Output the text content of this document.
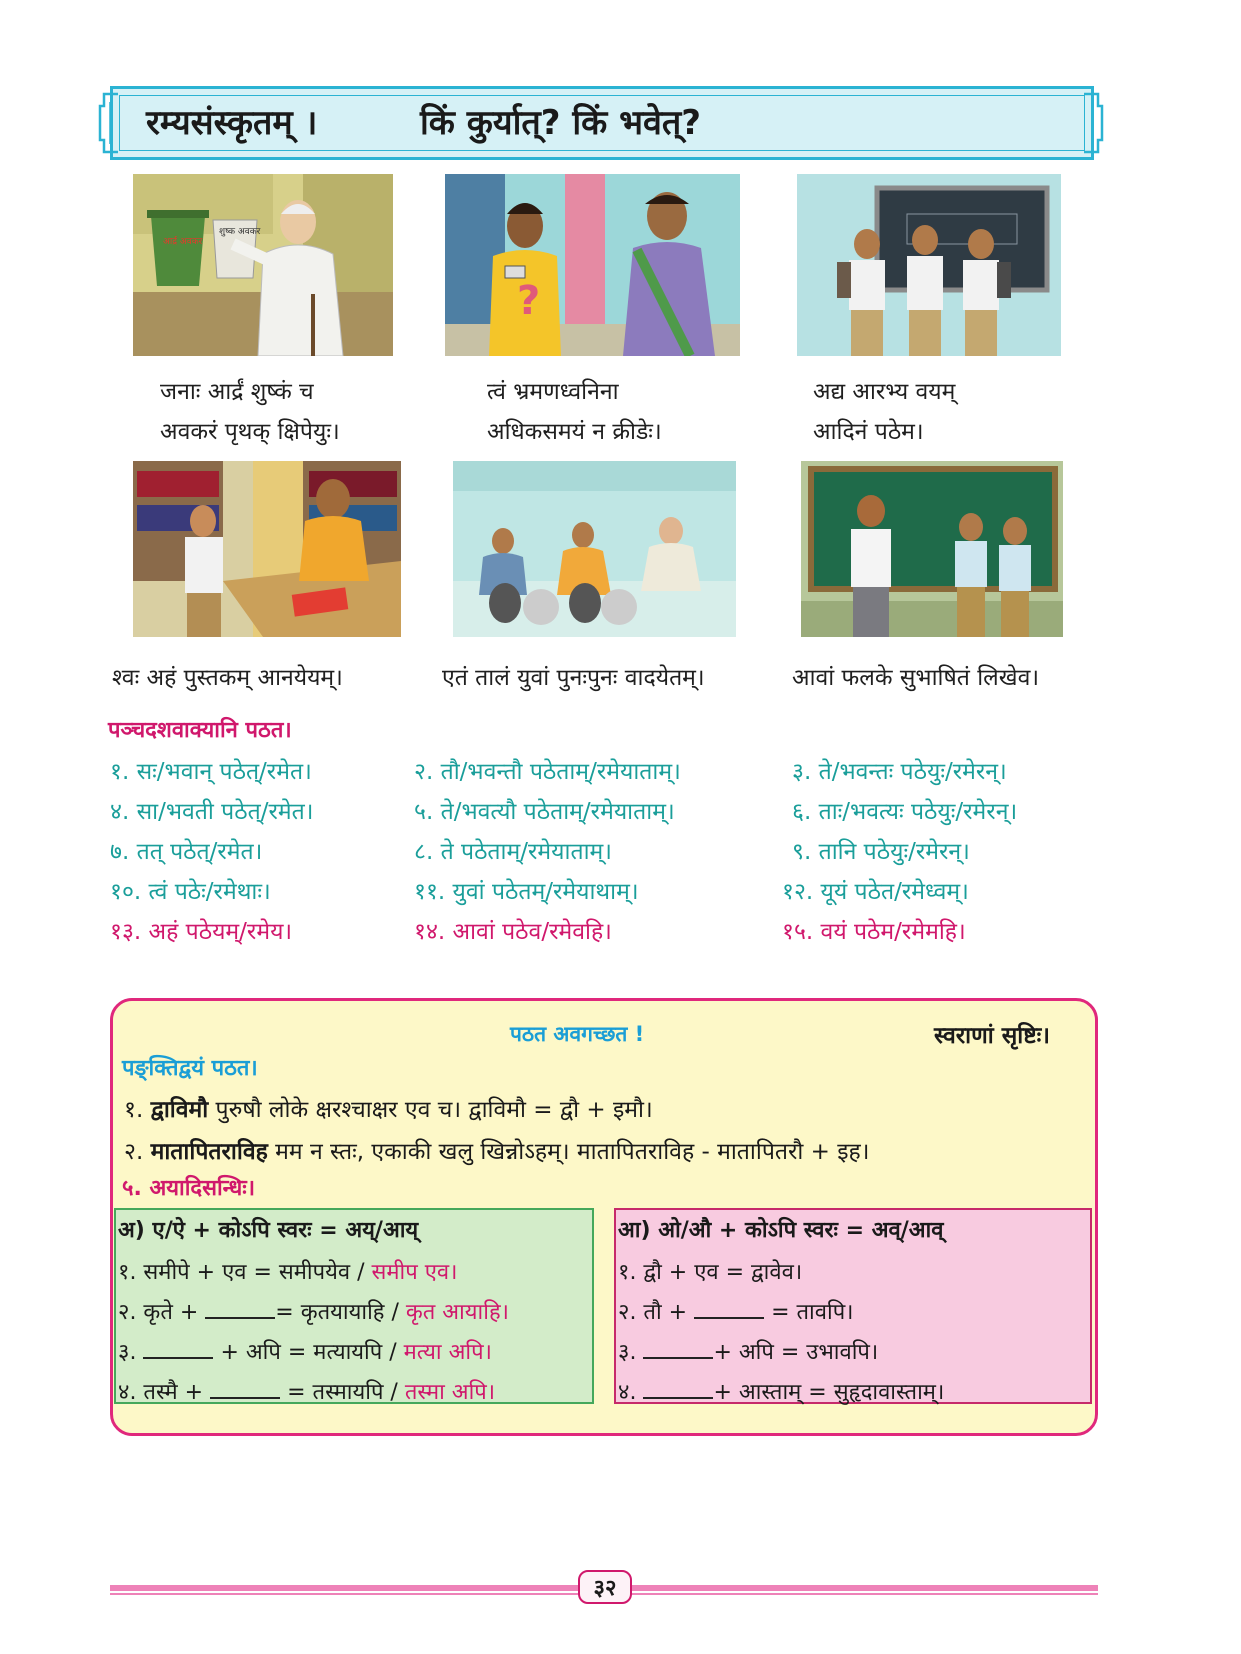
रम्यसंस्कृतम् ।	किं कुर्यात्? किं भवेत्?
आर्द्र अवकर
शुष्क अवकर
?
जनाः आर्द्रं शुष्कं च
अवकरं पृथक् क्षिपेयुः।
त्वं भ्रमणध्वनिना
अधिकसमयं न क्रीडेः।
अद्य आरभ्य वयम्
आदिनं पठेम।
श्वः अहं पुस्तकम् आनयेयम्।	एतं तालं युवां पुनःपुनः वादयेतम्।	आवां फलके सुभाषितं लिखेव।
पञ्चदशवाक्यानि पठत।
१. सः/भवान् पठेत्/रमेत।	२. तौ/भवन्तौ पठेताम्/रमेयाताम्।	३. ते/भवन्तः पठेयुः/रमेरन्।
४. सा/भवती पठेत्/रमेत।	५. ते/भवत्यौ पठेताम्/रमेयाताम्।	६. ताः/भवत्यः पठेयुः/रमेरन्।
७. तत् पठेत्/रमेत।	८. ते पठेताम्/रमेयाताम्।	९. तानि पठेयुः/रमेरन्।
१०. त्वं पठेः/रमेथाः।	११. युवां पठेतम्/रमेयाथाम्।	१२. यूयं पठेत/रमेध्वम्।
१३. अहं पठेयम्/रमेय।	१४. आवां पठेव/रमेवहि।	१५. वयं पठेम/रमेमहि।
पठत अवगच्छत !	स्वराणां सृष्टिः।
पङ्क्तिद्वयं पठत।
१. द्वाविमौ पुरुषौ लोके क्षरश्चाक्षर एव च। द्वाविमौ = द्वौ + इमौ।
२. मातापितराविह मम न स्तः, एकाकी खलु खिन्नोऽहम्। मातापितराविह - मातापितरौ + इह।
५. अयादिसन्धिः।
अ) ए/ऐ + कोऽपि स्वरः = अय्/आय्
१. समीपे + एव = समीपयेव / समीप एव।
२. कृते +	= कृतयायाहि / कृत आयाहि।
३.	+ अपि = मत्यायपि / मत्या अपि।
४. तस्मै +	= तस्मायपि / तस्मा अपि।
आ) ओ/औ + कोऽपि स्वरः = अव्/आव्
१. द्वौ + एव = द्वावेव।
२. तौ +	= तावपि।
३.	+ अपि = उभावपि।
४.	+ आस्ताम् = सुहृदावास्ताम्।
३२
